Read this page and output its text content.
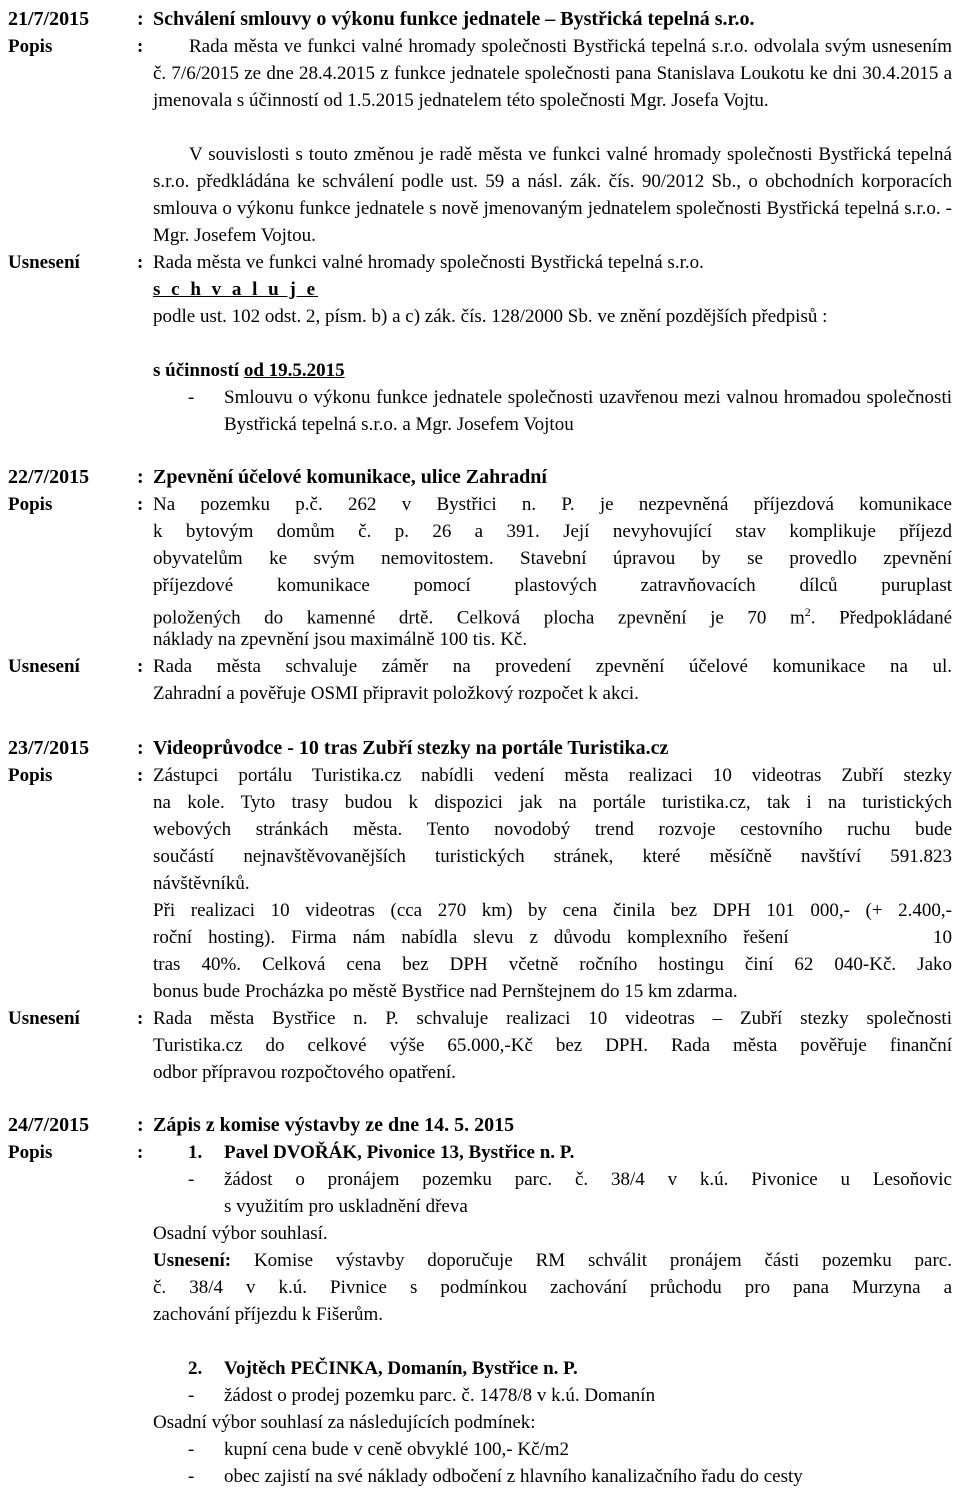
21/7/2015 : Schválení smlouvy o výkonu funkce jednatele – Bystřická tepelná s.r.o.
Popis	:	Rada města ve funkci valné hromady společnosti Bystřická tepelná s.r.o. odvolala svým usnesením č. 7/6/2015 ze dne 28.4.2015 z funkce jednatele společnosti pana Stanislava Loukotu ke dni 30.4.2015 a jmenovala s účinností od 1.5.2015 jednatelem této společnosti Mgr. Josefa Vojtu.
V souvislosti s touto změnou je radě města ve funkci valné hromady společnosti Bystřická tepelná s.r.o. předkládána ke schválení podle ust. 59 a násl. zák. čís. 90/2012 Sb., o obchodních korporacích smlouva o výkonu funkce jednatele s nově jmenovaným jednatelem společnosti Bystřická tepelná s.r.o. - Mgr. Josefem Vojtou.
Usnesení	: Rada města ve funkci valné hromady společnosti Bystřická tepelná s.r.o.
s c h v a l u j e
podle ust. 102 odst. 2, písm. b) a c) zák. čís. 128/2000 Sb. ve znění pozdějších předpisů :
s účinností od 19.5.2015
- Smlouvu o výkonu funkce jednatele společnosti uzavřenou mezi valnou hromadou společnosti Bystřická tepelná s.r.o. a Mgr. Josefem Vojtou
22/7/2015 : Zpevnění účelové komunikace, ulice Zahradní
Popis	: Na pozemku p.č. 262 v Bystřici n. P. je nezpevněná příjezdová komunikace
k bytovým domům č. p. 26 a 391. Její nevyhovující stav komplikuje příjezd
obyvatelům ke svým nemovitostem. Stavební úpravou by se provedlo zpevnění
příjezdové komunikace pomocí plastových zatravňovacích dílců puruplast
položených do kamenné drtě. Celková plocha zpevnění je 70 $m^2$. Předpokládané
náklady na zpevnění jsou maximálně 100 tis. Kč.
Usnesení	: Rada města schvaluje záměr na provedení zpevnění účelové komunikace na ul.
Zahradní a pověřuje OSMI připravit položkový rozpočet k akci.
23/7/2015 : Videoprůvodce - 10 tras Zubří stezky na portále Turistika.cz
Popis	: Zástupci portálu Turistika.cz nabídli vedení města realizaci 10 videotras Zubří stezky
na kole. Tyto trasy budou k dispozici jak na portále turistika.cz, tak i na turistických
webových stránkách města. Tento novodobý trend rozvoje cestovního ruchu bude
součástí nejnavštěvovanějších turistických stránek, které měsíčně navštíví 591.823
návštěvníků.
Při realizaci 10 videotras (cca 270 km) by cena činila bez DPH 101 000,- (+ 2.400,-
roční hosting). Firma nám nabídla slevu z důvodu komplexního řešení         10
tras 40%. Celková cena bez DPH včetně ročního hostingu činí 62 040-Kč. Jako
bonus bude Procházka po městě Bystřice nad Pernštejnem do 15 km zdarma.
Usnesení	: Rada města Bystřice n. P. schvaluje realizaci 10 videotras – Zubří stezky společnosti
Turistika.cz do celkové výše 65.000,-Kč bez DPH. Rada města pověřuje finanční
odbor přípravou rozpočtového opatření.
24/7/2015 : Zápis z komise výstavby ze dne 14. 5. 2015
Popis	: 1. Pavel DVOŘÁK, Pivonice 13, Bystřice n. P.
- žádost o pronájem pozemku parc. č. 38/4 v k.ú. Pivonice u Lesoňovic
s využitím pro uskladnění dřeva
Osadní výbor souhlasí.
Usnesení: Komise výstavby doporučuje RM schválit pronájem části pozemku parc.
č. 38/4 v k.ú. Pivnice s podmínkou zachování průchodu pro pana Murzyna a
zachování příjezdu k Fišerům.
2. Vojtěch PEČINKA, Domanín, Bystřice n. P.
- žádost o prodej pozemku parc. č. 1478/8 v k.ú. Domanín
Osadní výbor souhlasí za následujících podmínek:
- kupní cena bude v ceně obvyklé 100,- Kč/m2
- obec zajistí na své náklady odbočení z hlavního kanalizačního řadu do cesty
